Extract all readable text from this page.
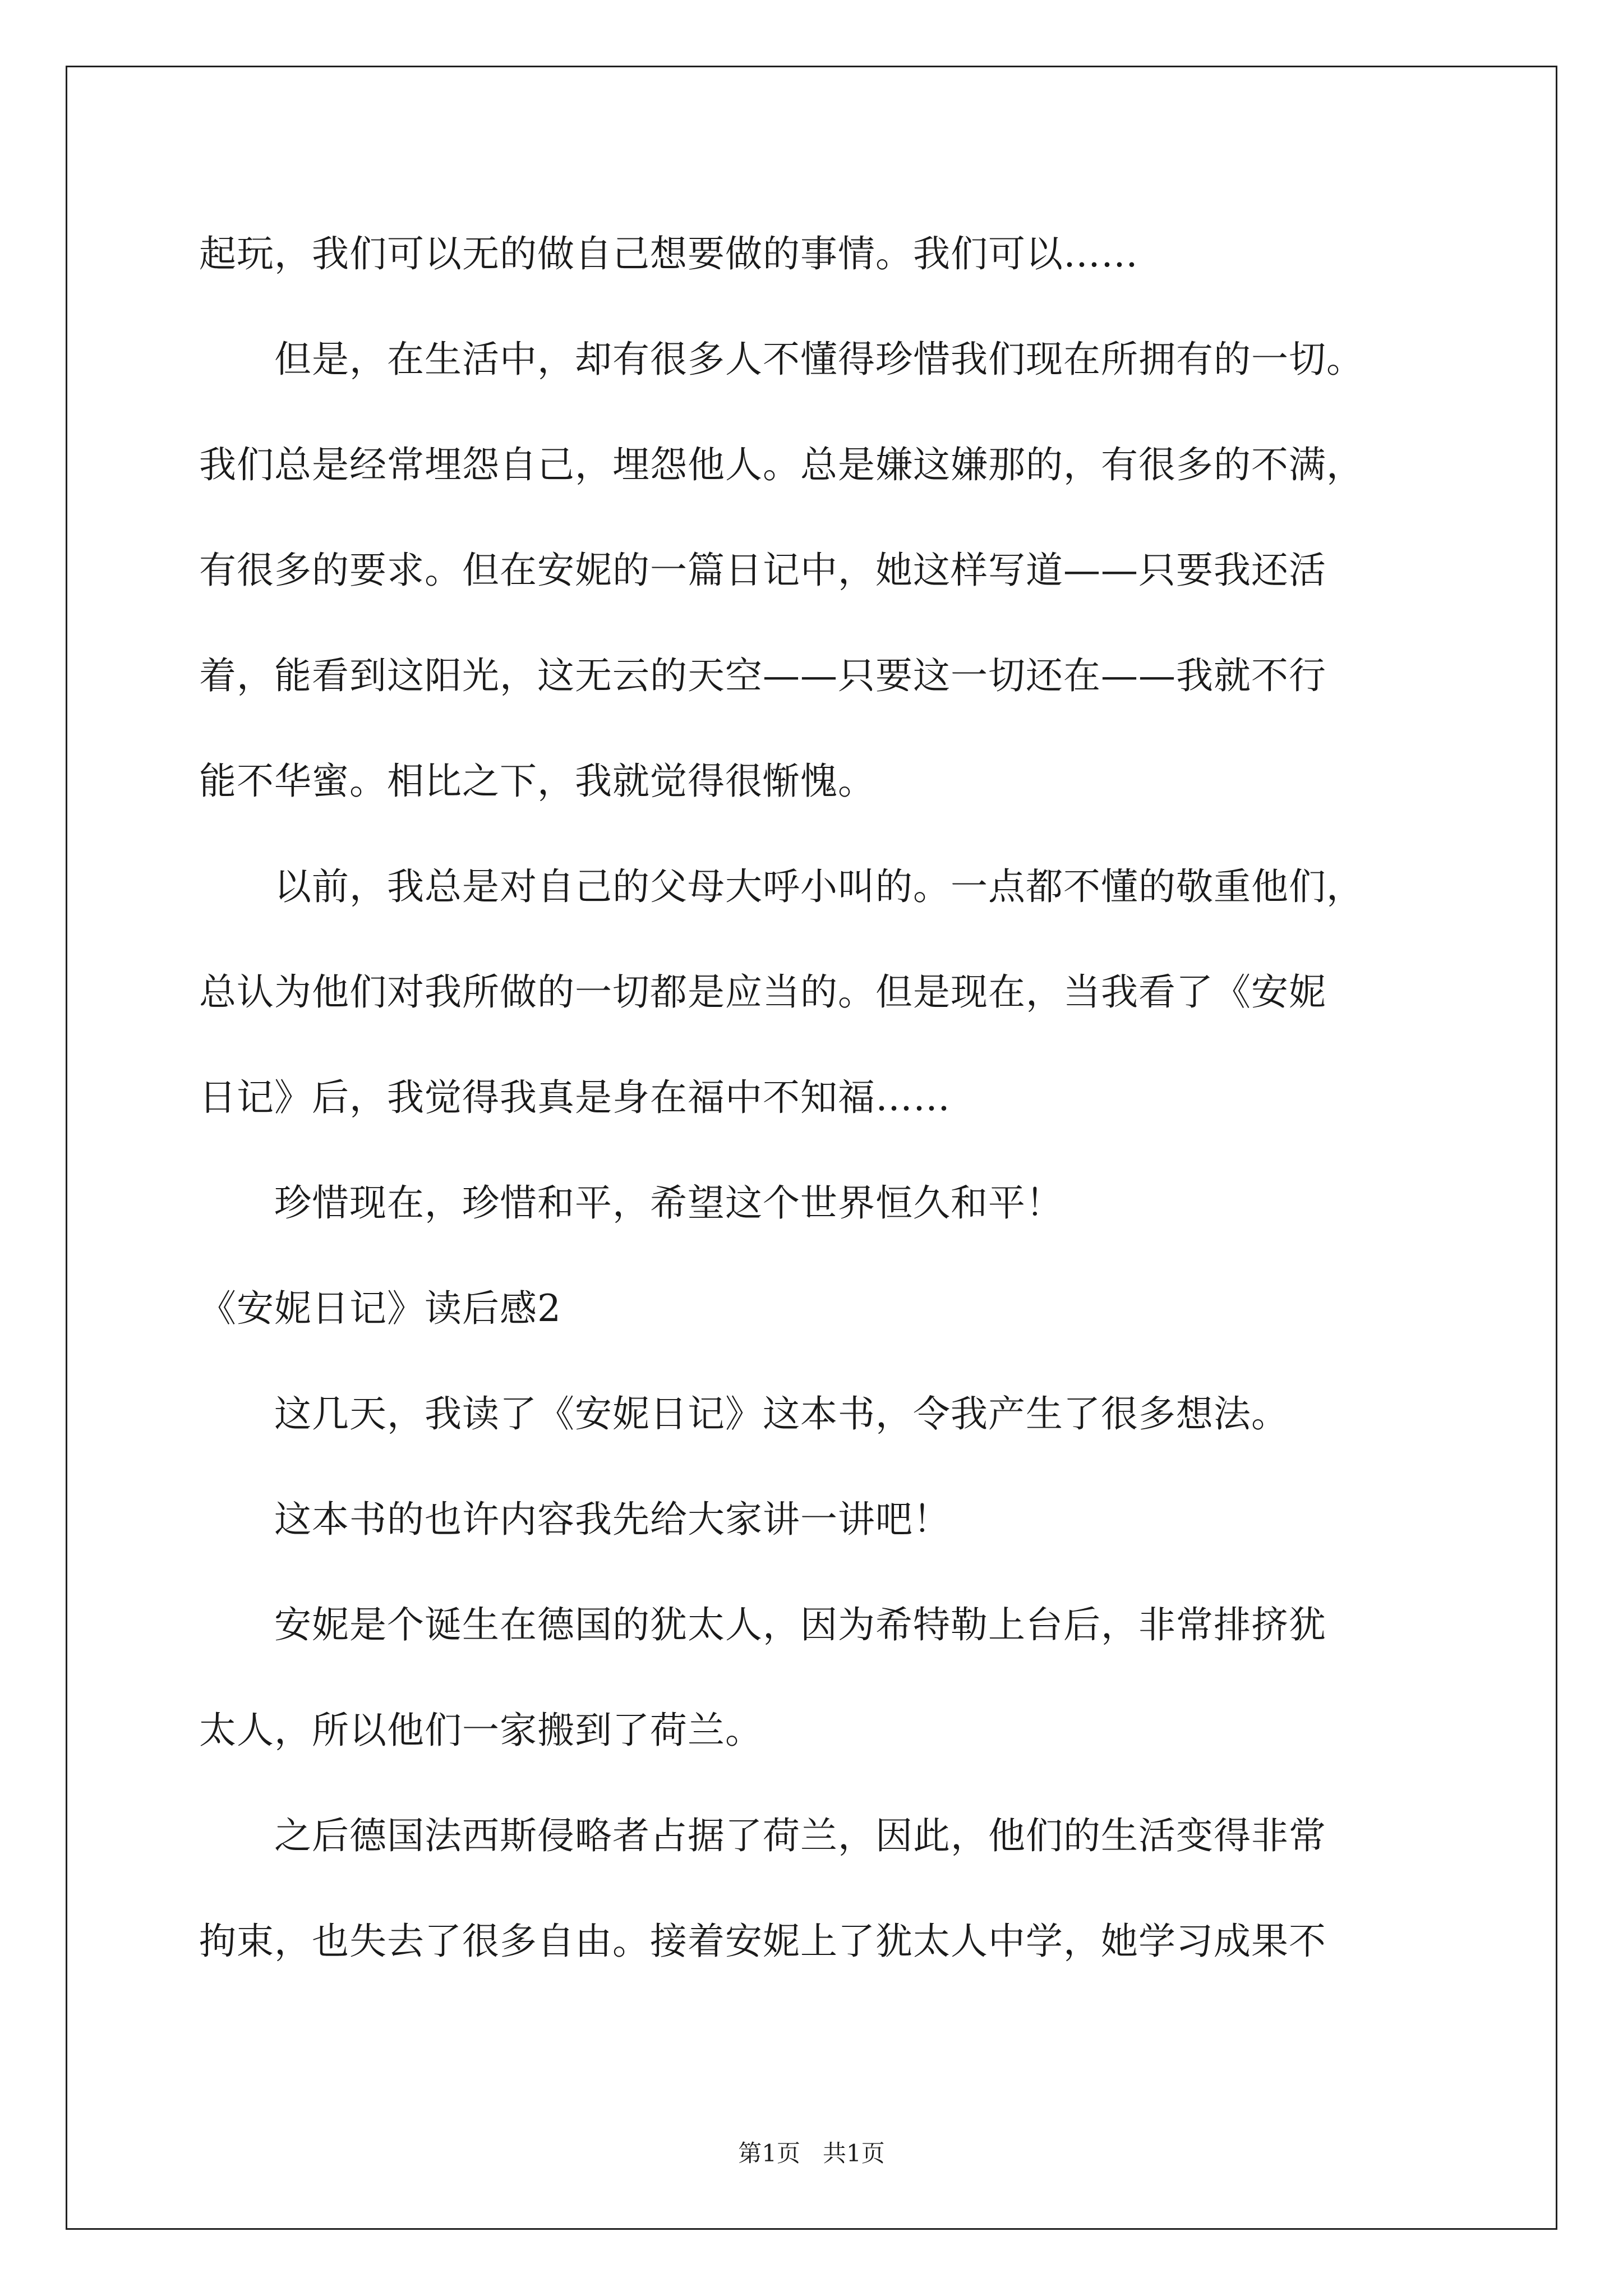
起玩，我们可以无的做自己想要做的事情。我们可以……
　　但是，在生活中，却有很多人不懂得珍惜我们现在所拥有的一切。
我们总是经常埋怨自己，埋怨他人。总是嫌这嫌那的，有很多的不满，
有很多的要求。但在安妮的一篇日记中，她这样写道——只要我还活
着，能看到这阳光，这无云的天空——只要这一切还在——我就不行
能不华蜜。相比之下，我就觉得很惭愧。
　　以前，我总是对自己的父母大呼小叫的。一点都不懂的敬重他们，
总认为他们对我所做的一切都是应当的。但是现在，当我看了《安妮
日记》后，我觉得我真是身在福中不知福……
　　珍惜现在，珍惜和平，希望这个世界恒久和平！
《安妮日记》读后感2
　　这几天，我读了《安妮日记》这本书，令我产生了很多想法。
　　这本书的也许内容我先给大家讲一讲吧！
　　安妮是个诞生在德国的犹太人，因为希特勒上台后，非常排挤犹
太人，所以他们一家搬到了荷兰。
　　之后德国法西斯侵略者占据了荷兰，因此，他们的生活变得非常
拘束，也失去了很多自由。接着安妮上了犹太人中学，她学习成果不
第1页   共1页
